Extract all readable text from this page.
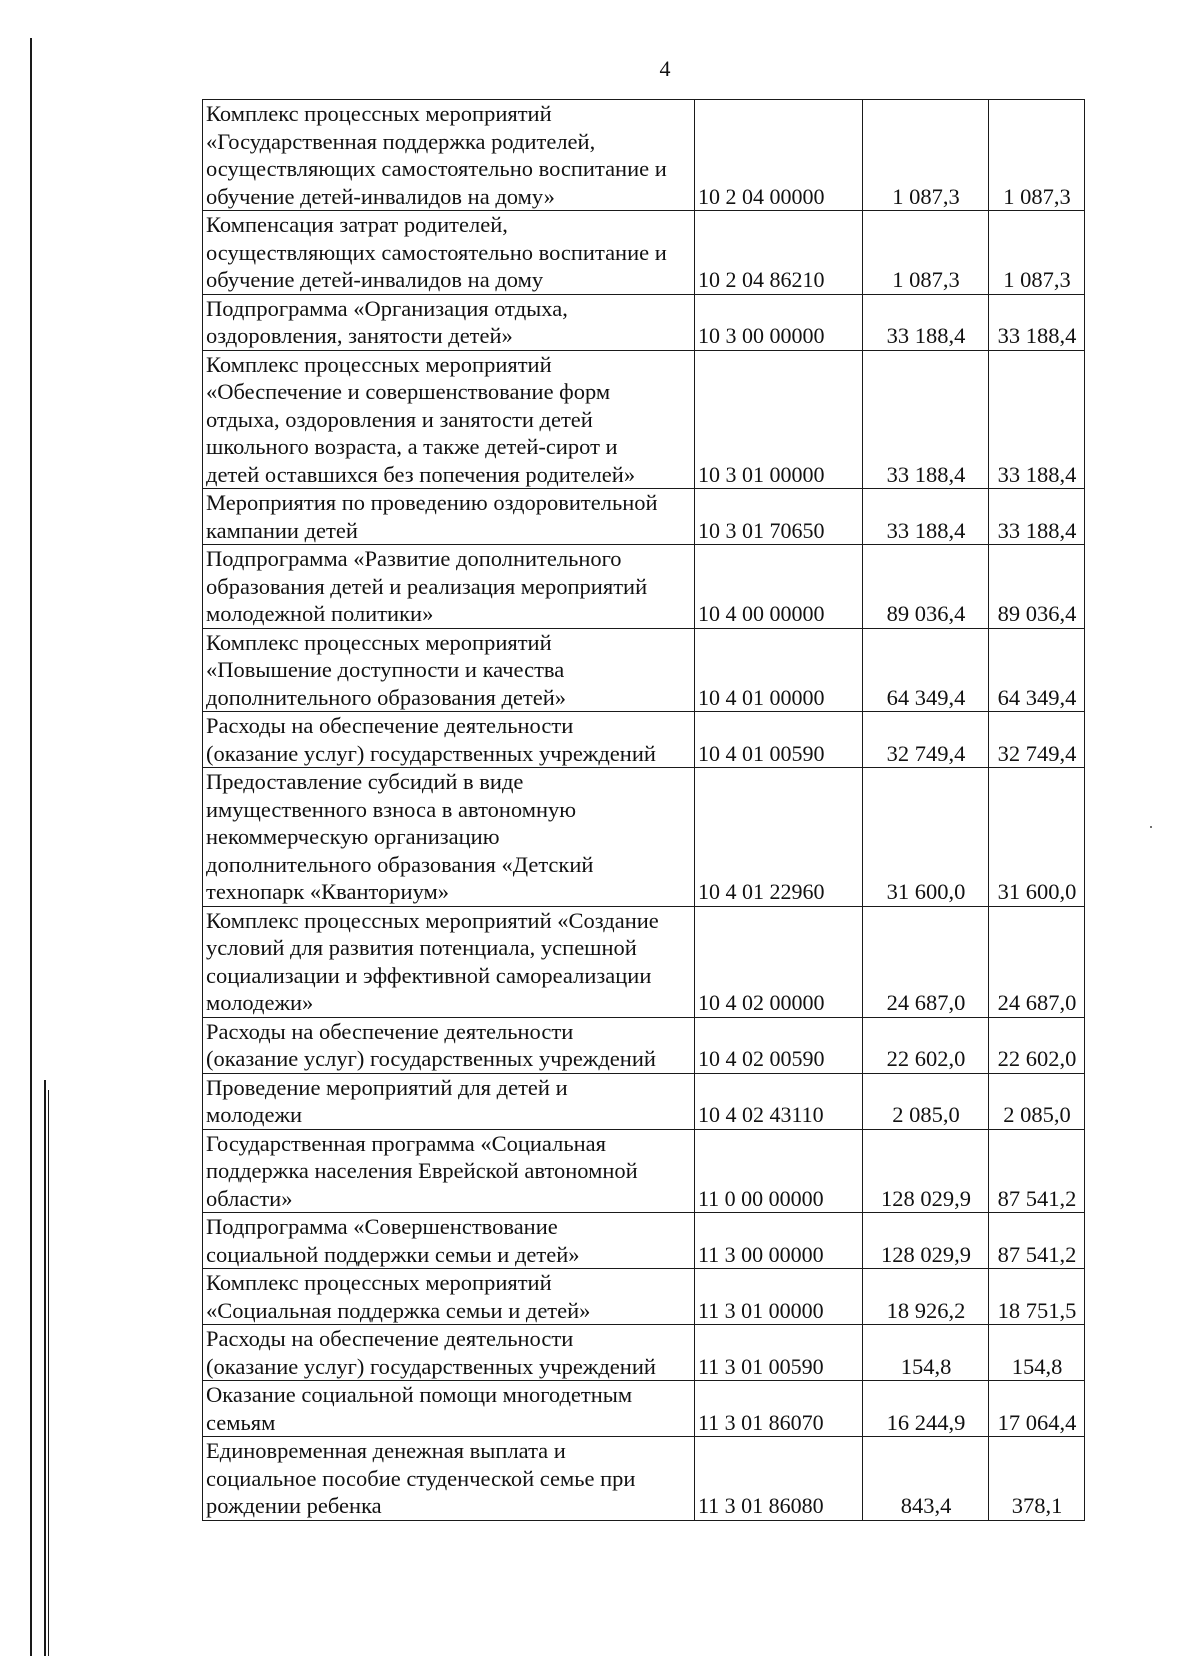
4
Комплекс процессных мероприятий
«Государственная поддержка родителей,
осуществляющих самостоятельно воспитание и
обучение детей-инвалидов на дому»	10 2 04 00000	1 087,3	1 087,3
Компенсация затрат родителей,
осуществляющих самостоятельно воспитание и
обучение детей-инвалидов на дому	10 2 04 86210	1 087,3	1 087,3
Подпрограмма «Организация отдыха,
оздоровления, занятости детей»	10 3 00 00000	33 188,4	33 188,4
Комплекс процессных мероприятий
«Обеспечение и совершенствование форм
отдыха, оздоровления и занятости детей
школьного возраста, а также детей-сирот и
детей оставшихся без попечения родителей»	10 3 01 00000	33 188,4	33 188,4
Мероприятия по проведению оздоровительной
кампании детей	10 3 01 70650	33 188,4	33 188,4
Подпрограмма «Развитие дополнительного
образования детей и реализация мероприятий
молодежной политики»	10 4 00 00000	89 036,4	89 036,4
Комплекс процессных мероприятий
«Повышение доступности и качества
дополнительного образования детей»	10 4 01 00000	64 349,4	64 349,4
Расходы на обеспечение деятельности
(оказание услуг) государственных учреждений	10 4 01 00590	32 749,4	32 749,4
Предоставление субсидий в виде
имущественного взноса в автономную
некоммерческую организацию
дополнительного образования «Детский
технопарк «Кванториум»	10 4 01 22960	31 600,0	31 600,0
Комплекс процессных мероприятий «Создание
условий для развития потенциала, успешной
социализации и эффективной самореализации
молодежи»	10 4 02 00000	24 687,0	24 687,0
Расходы на обеспечение деятельности
(оказание услуг) государственных учреждений	10 4 02 00590	22 602,0	22 602,0
Проведение мероприятий для детей и
молодежи	10 4 02 43110	2 085,0	2 085,0
Государственная программа «Социальная
поддержка населения Еврейской автономной
области»	11 0 00 00000	128 029,9	87 541,2
Подпрограмма «Совершенствование
социальной поддержки семьи и детей»	11 3 00 00000	128 029,9	87 541,2
Комплекс процессных мероприятий
«Социальная поддержка семьи и детей»	11 3 01 00000	18 926,2	18 751,5
Расходы на обеспечение деятельности
(оказание услуг) государственных учреждений	11 3 01 00590	154,8	154,8
Оказание социальной помощи многодетным
семьям	11 3 01 86070	16 244,9	17 064,4
Единовременная денежная выплата и
социальное пособие студенческой семье при
рождении ребенка	11 3 01 86080	843,4	378,1
